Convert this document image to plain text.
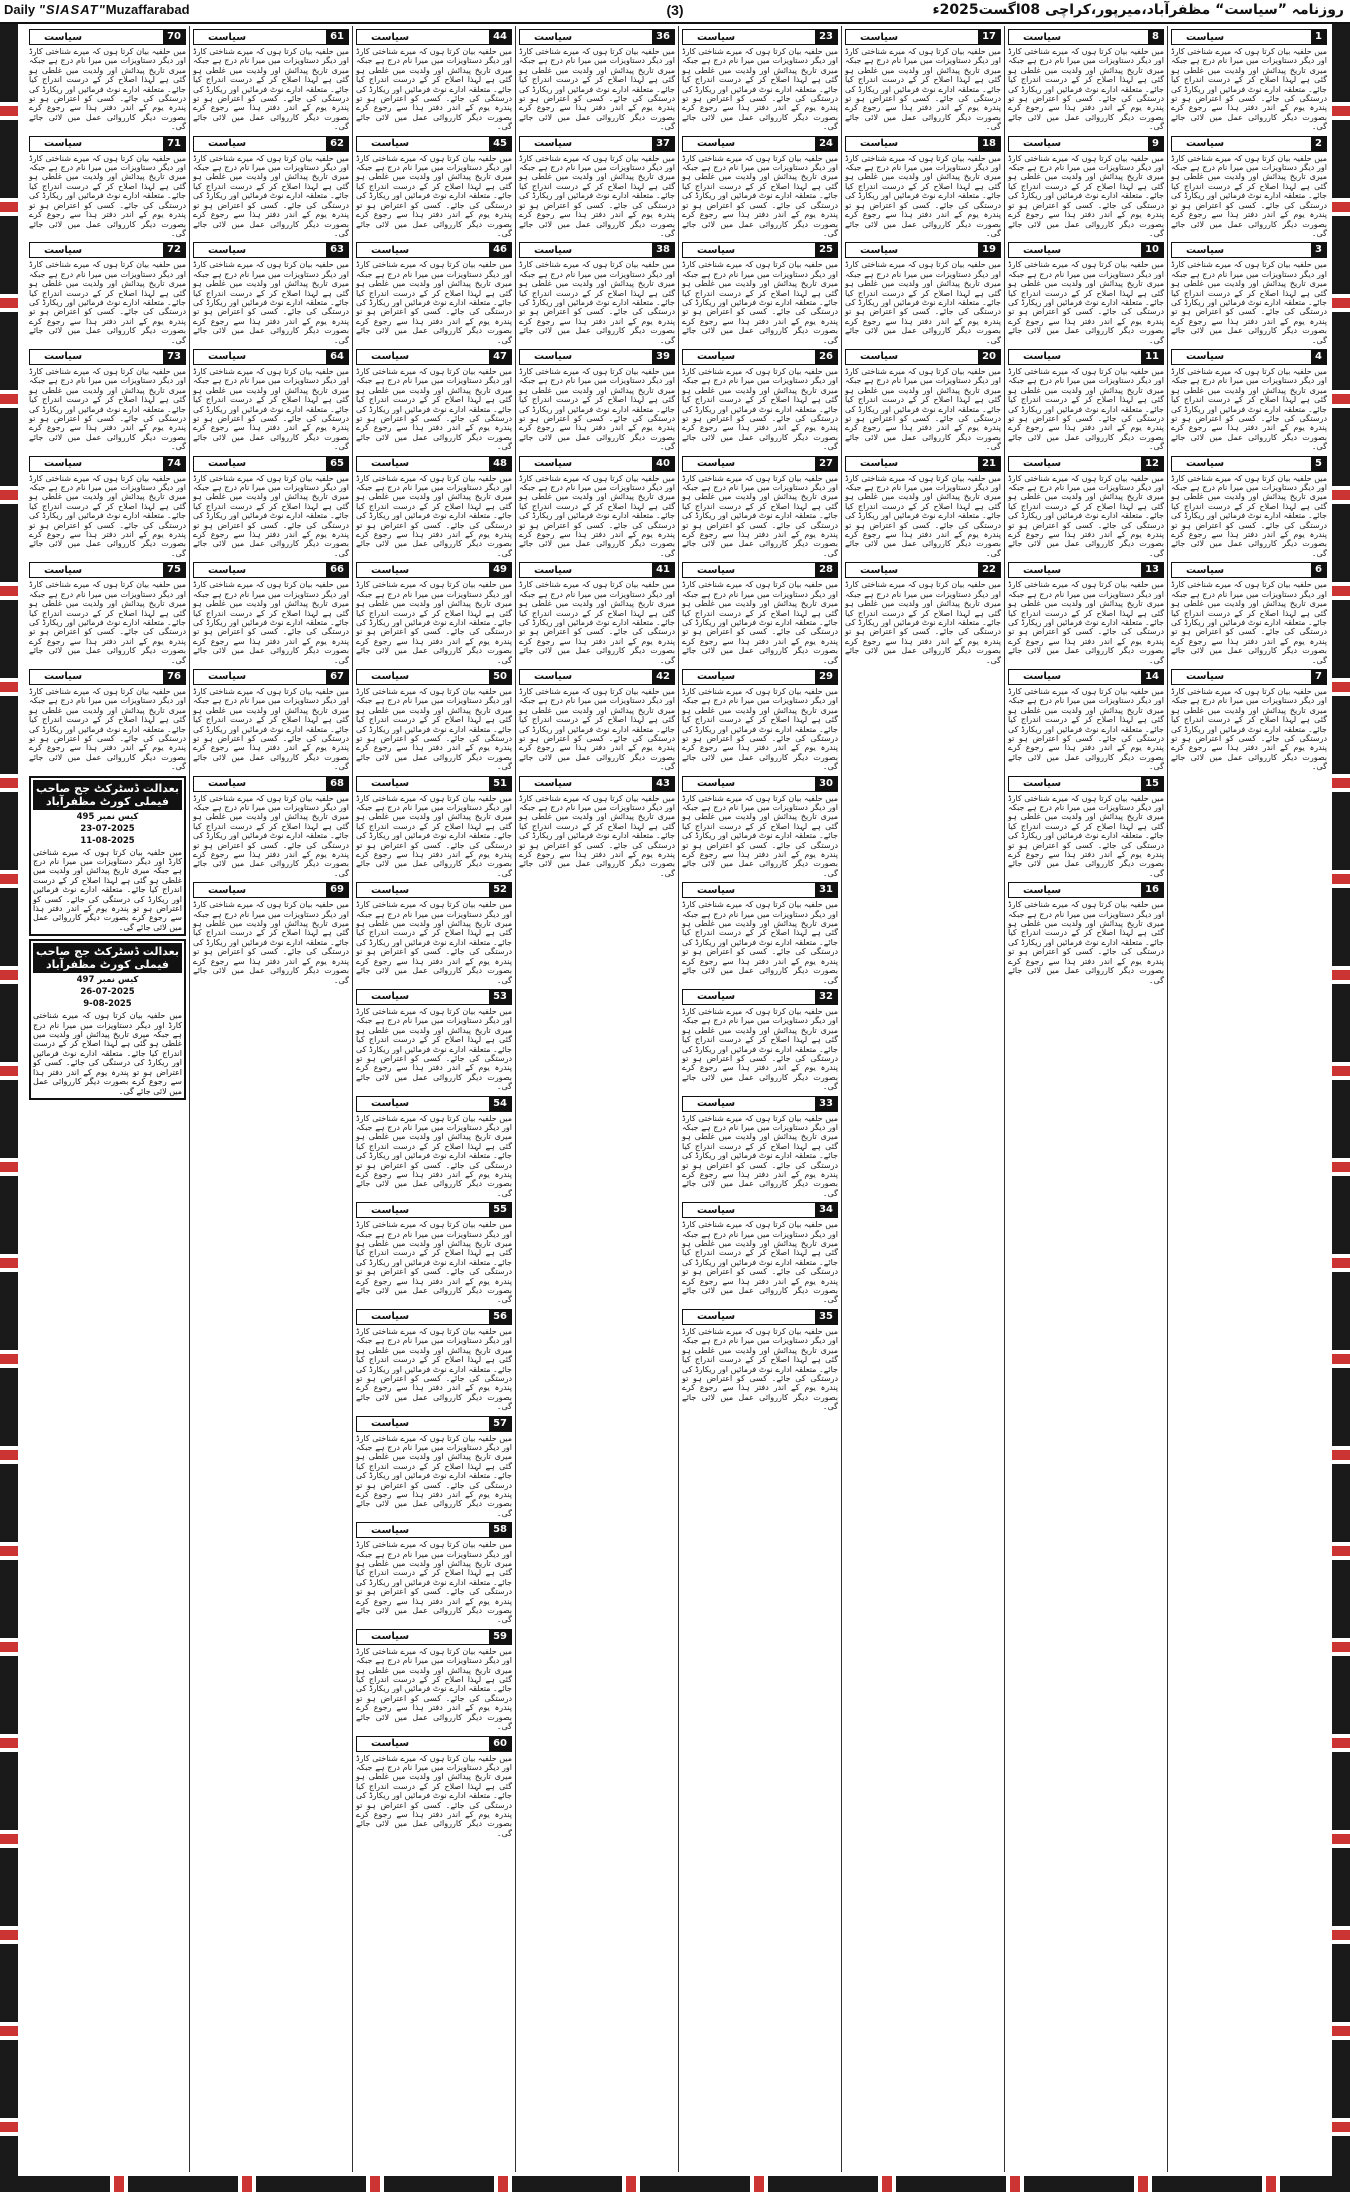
Daily "SIASAT"Muzaffarabad	(3)	روزنامہ ”سیاست“ مظفرآباد،میرپور،کراچی 08اگست2025ء
1
سیاست
میں حلفیہ بیان کرتا ہوں کہ میرے شناختی کارڈ اور دیگر دستاویزات میں میرا نام درج ہے جبکہ میری تاریخ پیدائش اور ولدیت میں غلطی ہو گئی ہے لہذا اصلاح کر کے درست اندراج کیا جائے۔ متعلقہ ادارے نوٹ فرمائیں اور ریکارڈ کی درستگی کی جائے۔ کسی کو اعتراض ہو تو پندرہ یوم کے اندر دفتر ہذا سے رجوع کرے بصورت دیگر کارروائی عمل میں لائی جائے گی۔
2
سیاست
میں حلفیہ بیان کرتا ہوں کہ میرے شناختی کارڈ اور دیگر دستاویزات میں میرا نام درج ہے جبکہ میری تاریخ پیدائش اور ولدیت میں غلطی ہو گئی ہے لہذا اصلاح کر کے درست اندراج کیا جائے۔ متعلقہ ادارے نوٹ فرمائیں اور ریکارڈ کی درستگی کی جائے۔ کسی کو اعتراض ہو تو پندرہ یوم کے اندر دفتر ہذا سے رجوع کرے بصورت دیگر کارروائی عمل میں لائی جائے گی۔
3
سیاست
میں حلفیہ بیان کرتا ہوں کہ میرے شناختی کارڈ اور دیگر دستاویزات میں میرا نام درج ہے جبکہ میری تاریخ پیدائش اور ولدیت میں غلطی ہو گئی ہے لہذا اصلاح کر کے درست اندراج کیا جائے۔ متعلقہ ادارے نوٹ فرمائیں اور ریکارڈ کی درستگی کی جائے۔ کسی کو اعتراض ہو تو پندرہ یوم کے اندر دفتر ہذا سے رجوع کرے بصورت دیگر کارروائی عمل میں لائی جائے گی۔
4
سیاست
میں حلفیہ بیان کرتا ہوں کہ میرے شناختی کارڈ اور دیگر دستاویزات میں میرا نام درج ہے جبکہ میری تاریخ پیدائش اور ولدیت میں غلطی ہو گئی ہے لہذا اصلاح کر کے درست اندراج کیا جائے۔ متعلقہ ادارے نوٹ فرمائیں اور ریکارڈ کی درستگی کی جائے۔ کسی کو اعتراض ہو تو پندرہ یوم کے اندر دفتر ہذا سے رجوع کرے بصورت دیگر کارروائی عمل میں لائی جائے گی۔
5
سیاست
میں حلفیہ بیان کرتا ہوں کہ میرے شناختی کارڈ اور دیگر دستاویزات میں میرا نام درج ہے جبکہ میری تاریخ پیدائش اور ولدیت میں غلطی ہو گئی ہے لہذا اصلاح کر کے درست اندراج کیا جائے۔ متعلقہ ادارے نوٹ فرمائیں اور ریکارڈ کی درستگی کی جائے۔ کسی کو اعتراض ہو تو پندرہ یوم کے اندر دفتر ہذا سے رجوع کرے بصورت دیگر کارروائی عمل میں لائی جائے گی۔
6
سیاست
میں حلفیہ بیان کرتا ہوں کہ میرے شناختی کارڈ اور دیگر دستاویزات میں میرا نام درج ہے جبکہ میری تاریخ پیدائش اور ولدیت میں غلطی ہو گئی ہے لہذا اصلاح کر کے درست اندراج کیا جائے۔ متعلقہ ادارے نوٹ فرمائیں اور ریکارڈ کی درستگی کی جائے۔ کسی کو اعتراض ہو تو پندرہ یوم کے اندر دفتر ہذا سے رجوع کرے بصورت دیگر کارروائی عمل میں لائی جائے گی۔
7
سیاست
میں حلفیہ بیان کرتا ہوں کہ میرے شناختی کارڈ اور دیگر دستاویزات میں میرا نام درج ہے جبکہ میری تاریخ پیدائش اور ولدیت میں غلطی ہو گئی ہے لہذا اصلاح کر کے درست اندراج کیا جائے۔ متعلقہ ادارے نوٹ فرمائیں اور ریکارڈ کی درستگی کی جائے۔ کسی کو اعتراض ہو تو پندرہ یوم کے اندر دفتر ہذا سے رجوع کرے بصورت دیگر کارروائی عمل میں لائی جائے گی۔
8
سیاست
میں حلفیہ بیان کرتا ہوں کہ میرے شناختی کارڈ اور دیگر دستاویزات میں میرا نام درج ہے جبکہ میری تاریخ پیدائش اور ولدیت میں غلطی ہو گئی ہے لہذا اصلاح کر کے درست اندراج کیا جائے۔ متعلقہ ادارے نوٹ فرمائیں اور ریکارڈ کی درستگی کی جائے۔ کسی کو اعتراض ہو تو پندرہ یوم کے اندر دفتر ہذا سے رجوع کرے بصورت دیگر کارروائی عمل میں لائی جائے گی۔
9
سیاست
میں حلفیہ بیان کرتا ہوں کہ میرے شناختی کارڈ اور دیگر دستاویزات میں میرا نام درج ہے جبکہ میری تاریخ پیدائش اور ولدیت میں غلطی ہو گئی ہے لہذا اصلاح کر کے درست اندراج کیا جائے۔ متعلقہ ادارے نوٹ فرمائیں اور ریکارڈ کی درستگی کی جائے۔ کسی کو اعتراض ہو تو پندرہ یوم کے اندر دفتر ہذا سے رجوع کرے بصورت دیگر کارروائی عمل میں لائی جائے گی۔
10
سیاست
میں حلفیہ بیان کرتا ہوں کہ میرے شناختی کارڈ اور دیگر دستاویزات میں میرا نام درج ہے جبکہ میری تاریخ پیدائش اور ولدیت میں غلطی ہو گئی ہے لہذا اصلاح کر کے درست اندراج کیا جائے۔ متعلقہ ادارے نوٹ فرمائیں اور ریکارڈ کی درستگی کی جائے۔ کسی کو اعتراض ہو تو پندرہ یوم کے اندر دفتر ہذا سے رجوع کرے بصورت دیگر کارروائی عمل میں لائی جائے گی۔
11
سیاست
میں حلفیہ بیان کرتا ہوں کہ میرے شناختی کارڈ اور دیگر دستاویزات میں میرا نام درج ہے جبکہ میری تاریخ پیدائش اور ولدیت میں غلطی ہو گئی ہے لہذا اصلاح کر کے درست اندراج کیا جائے۔ متعلقہ ادارے نوٹ فرمائیں اور ریکارڈ کی درستگی کی جائے۔ کسی کو اعتراض ہو تو پندرہ یوم کے اندر دفتر ہذا سے رجوع کرے بصورت دیگر کارروائی عمل میں لائی جائے گی۔
12
سیاست
میں حلفیہ بیان کرتا ہوں کہ میرے شناختی کارڈ اور دیگر دستاویزات میں میرا نام درج ہے جبکہ میری تاریخ پیدائش اور ولدیت میں غلطی ہو گئی ہے لہذا اصلاح کر کے درست اندراج کیا جائے۔ متعلقہ ادارے نوٹ فرمائیں اور ریکارڈ کی درستگی کی جائے۔ کسی کو اعتراض ہو تو پندرہ یوم کے اندر دفتر ہذا سے رجوع کرے بصورت دیگر کارروائی عمل میں لائی جائے گی۔
13
سیاست
میں حلفیہ بیان کرتا ہوں کہ میرے شناختی کارڈ اور دیگر دستاویزات میں میرا نام درج ہے جبکہ میری تاریخ پیدائش اور ولدیت میں غلطی ہو گئی ہے لہذا اصلاح کر کے درست اندراج کیا جائے۔ متعلقہ ادارے نوٹ فرمائیں اور ریکارڈ کی درستگی کی جائے۔ کسی کو اعتراض ہو تو پندرہ یوم کے اندر دفتر ہذا سے رجوع کرے بصورت دیگر کارروائی عمل میں لائی جائے گی۔
14
سیاست
میں حلفیہ بیان کرتا ہوں کہ میرے شناختی کارڈ اور دیگر دستاویزات میں میرا نام درج ہے جبکہ میری تاریخ پیدائش اور ولدیت میں غلطی ہو گئی ہے لہذا اصلاح کر کے درست اندراج کیا جائے۔ متعلقہ ادارے نوٹ فرمائیں اور ریکارڈ کی درستگی کی جائے۔ کسی کو اعتراض ہو تو پندرہ یوم کے اندر دفتر ہذا سے رجوع کرے بصورت دیگر کارروائی عمل میں لائی جائے گی۔
15
سیاست
میں حلفیہ بیان کرتا ہوں کہ میرے شناختی کارڈ اور دیگر دستاویزات میں میرا نام درج ہے جبکہ میری تاریخ پیدائش اور ولدیت میں غلطی ہو گئی ہے لہذا اصلاح کر کے درست اندراج کیا جائے۔ متعلقہ ادارے نوٹ فرمائیں اور ریکارڈ کی درستگی کی جائے۔ کسی کو اعتراض ہو تو پندرہ یوم کے اندر دفتر ہذا سے رجوع کرے بصورت دیگر کارروائی عمل میں لائی جائے گی۔
16
سیاست
میں حلفیہ بیان کرتا ہوں کہ میرے شناختی کارڈ اور دیگر دستاویزات میں میرا نام درج ہے جبکہ میری تاریخ پیدائش اور ولدیت میں غلطی ہو گئی ہے لہذا اصلاح کر کے درست اندراج کیا جائے۔ متعلقہ ادارے نوٹ فرمائیں اور ریکارڈ کی درستگی کی جائے۔ کسی کو اعتراض ہو تو پندرہ یوم کے اندر دفتر ہذا سے رجوع کرے بصورت دیگر کارروائی عمل میں لائی جائے گی۔
17
سیاست
میں حلفیہ بیان کرتا ہوں کہ میرے شناختی کارڈ اور دیگر دستاویزات میں میرا نام درج ہے جبکہ میری تاریخ پیدائش اور ولدیت میں غلطی ہو گئی ہے لہذا اصلاح کر کے درست اندراج کیا جائے۔ متعلقہ ادارے نوٹ فرمائیں اور ریکارڈ کی درستگی کی جائے۔ کسی کو اعتراض ہو تو پندرہ یوم کے اندر دفتر ہذا سے رجوع کرے بصورت دیگر کارروائی عمل میں لائی جائے گی۔
18
سیاست
میں حلفیہ بیان کرتا ہوں کہ میرے شناختی کارڈ اور دیگر دستاویزات میں میرا نام درج ہے جبکہ میری تاریخ پیدائش اور ولدیت میں غلطی ہو گئی ہے لہذا اصلاح کر کے درست اندراج کیا جائے۔ متعلقہ ادارے نوٹ فرمائیں اور ریکارڈ کی درستگی کی جائے۔ کسی کو اعتراض ہو تو پندرہ یوم کے اندر دفتر ہذا سے رجوع کرے بصورت دیگر کارروائی عمل میں لائی جائے گی۔
19
سیاست
میں حلفیہ بیان کرتا ہوں کہ میرے شناختی کارڈ اور دیگر دستاویزات میں میرا نام درج ہے جبکہ میری تاریخ پیدائش اور ولدیت میں غلطی ہو گئی ہے لہذا اصلاح کر کے درست اندراج کیا جائے۔ متعلقہ ادارے نوٹ فرمائیں اور ریکارڈ کی درستگی کی جائے۔ کسی کو اعتراض ہو تو پندرہ یوم کے اندر دفتر ہذا سے رجوع کرے بصورت دیگر کارروائی عمل میں لائی جائے گی۔
20
سیاست
میں حلفیہ بیان کرتا ہوں کہ میرے شناختی کارڈ اور دیگر دستاویزات میں میرا نام درج ہے جبکہ میری تاریخ پیدائش اور ولدیت میں غلطی ہو گئی ہے لہذا اصلاح کر کے درست اندراج کیا جائے۔ متعلقہ ادارے نوٹ فرمائیں اور ریکارڈ کی درستگی کی جائے۔ کسی کو اعتراض ہو تو پندرہ یوم کے اندر دفتر ہذا سے رجوع کرے بصورت دیگر کارروائی عمل میں لائی جائے گی۔
21
سیاست
میں حلفیہ بیان کرتا ہوں کہ میرے شناختی کارڈ اور دیگر دستاویزات میں میرا نام درج ہے جبکہ میری تاریخ پیدائش اور ولدیت میں غلطی ہو گئی ہے لہذا اصلاح کر کے درست اندراج کیا جائے۔ متعلقہ ادارے نوٹ فرمائیں اور ریکارڈ کی درستگی کی جائے۔ کسی کو اعتراض ہو تو پندرہ یوم کے اندر دفتر ہذا سے رجوع کرے بصورت دیگر کارروائی عمل میں لائی جائے گی۔
22
سیاست
میں حلفیہ بیان کرتا ہوں کہ میرے شناختی کارڈ اور دیگر دستاویزات میں میرا نام درج ہے جبکہ میری تاریخ پیدائش اور ولدیت میں غلطی ہو گئی ہے لہذا اصلاح کر کے درست اندراج کیا جائے۔ متعلقہ ادارے نوٹ فرمائیں اور ریکارڈ کی درستگی کی جائے۔ کسی کو اعتراض ہو تو پندرہ یوم کے اندر دفتر ہذا سے رجوع کرے بصورت دیگر کارروائی عمل میں لائی جائے گی۔
23
سیاست
میں حلفیہ بیان کرتا ہوں کہ میرے شناختی کارڈ اور دیگر دستاویزات میں میرا نام درج ہے جبکہ میری تاریخ پیدائش اور ولدیت میں غلطی ہو گئی ہے لہذا اصلاح کر کے درست اندراج کیا جائے۔ متعلقہ ادارے نوٹ فرمائیں اور ریکارڈ کی درستگی کی جائے۔ کسی کو اعتراض ہو تو پندرہ یوم کے اندر دفتر ہذا سے رجوع کرے بصورت دیگر کارروائی عمل میں لائی جائے گی۔
24
سیاست
میں حلفیہ بیان کرتا ہوں کہ میرے شناختی کارڈ اور دیگر دستاویزات میں میرا نام درج ہے جبکہ میری تاریخ پیدائش اور ولدیت میں غلطی ہو گئی ہے لہذا اصلاح کر کے درست اندراج کیا جائے۔ متعلقہ ادارے نوٹ فرمائیں اور ریکارڈ کی درستگی کی جائے۔ کسی کو اعتراض ہو تو پندرہ یوم کے اندر دفتر ہذا سے رجوع کرے بصورت دیگر کارروائی عمل میں لائی جائے گی۔
25
سیاست
میں حلفیہ بیان کرتا ہوں کہ میرے شناختی کارڈ اور دیگر دستاویزات میں میرا نام درج ہے جبکہ میری تاریخ پیدائش اور ولدیت میں غلطی ہو گئی ہے لہذا اصلاح کر کے درست اندراج کیا جائے۔ متعلقہ ادارے نوٹ فرمائیں اور ریکارڈ کی درستگی کی جائے۔ کسی کو اعتراض ہو تو پندرہ یوم کے اندر دفتر ہذا سے رجوع کرے بصورت دیگر کارروائی عمل میں لائی جائے گی۔
26
سیاست
میں حلفیہ بیان کرتا ہوں کہ میرے شناختی کارڈ اور دیگر دستاویزات میں میرا نام درج ہے جبکہ میری تاریخ پیدائش اور ولدیت میں غلطی ہو گئی ہے لہذا اصلاح کر کے درست اندراج کیا جائے۔ متعلقہ ادارے نوٹ فرمائیں اور ریکارڈ کی درستگی کی جائے۔ کسی کو اعتراض ہو تو پندرہ یوم کے اندر دفتر ہذا سے رجوع کرے بصورت دیگر کارروائی عمل میں لائی جائے گی۔
27
سیاست
میں حلفیہ بیان کرتا ہوں کہ میرے شناختی کارڈ اور دیگر دستاویزات میں میرا نام درج ہے جبکہ میری تاریخ پیدائش اور ولدیت میں غلطی ہو گئی ہے لہذا اصلاح کر کے درست اندراج کیا جائے۔ متعلقہ ادارے نوٹ فرمائیں اور ریکارڈ کی درستگی کی جائے۔ کسی کو اعتراض ہو تو پندرہ یوم کے اندر دفتر ہذا سے رجوع کرے بصورت دیگر کارروائی عمل میں لائی جائے گی۔
28
سیاست
میں حلفیہ بیان کرتا ہوں کہ میرے شناختی کارڈ اور دیگر دستاویزات میں میرا نام درج ہے جبکہ میری تاریخ پیدائش اور ولدیت میں غلطی ہو گئی ہے لہذا اصلاح کر کے درست اندراج کیا جائے۔ متعلقہ ادارے نوٹ فرمائیں اور ریکارڈ کی درستگی کی جائے۔ کسی کو اعتراض ہو تو پندرہ یوم کے اندر دفتر ہذا سے رجوع کرے بصورت دیگر کارروائی عمل میں لائی جائے گی۔
29
سیاست
میں حلفیہ بیان کرتا ہوں کہ میرے شناختی کارڈ اور دیگر دستاویزات میں میرا نام درج ہے جبکہ میری تاریخ پیدائش اور ولدیت میں غلطی ہو گئی ہے لہذا اصلاح کر کے درست اندراج کیا جائے۔ متعلقہ ادارے نوٹ فرمائیں اور ریکارڈ کی درستگی کی جائے۔ کسی کو اعتراض ہو تو پندرہ یوم کے اندر دفتر ہذا سے رجوع کرے بصورت دیگر کارروائی عمل میں لائی جائے گی۔
30
سیاست
میں حلفیہ بیان کرتا ہوں کہ میرے شناختی کارڈ اور دیگر دستاویزات میں میرا نام درج ہے جبکہ میری تاریخ پیدائش اور ولدیت میں غلطی ہو گئی ہے لہذا اصلاح کر کے درست اندراج کیا جائے۔ متعلقہ ادارے نوٹ فرمائیں اور ریکارڈ کی درستگی کی جائے۔ کسی کو اعتراض ہو تو پندرہ یوم کے اندر دفتر ہذا سے رجوع کرے بصورت دیگر کارروائی عمل میں لائی جائے گی۔
31
سیاست
میں حلفیہ بیان کرتا ہوں کہ میرے شناختی کارڈ اور دیگر دستاویزات میں میرا نام درج ہے جبکہ میری تاریخ پیدائش اور ولدیت میں غلطی ہو گئی ہے لہذا اصلاح کر کے درست اندراج کیا جائے۔ متعلقہ ادارے نوٹ فرمائیں اور ریکارڈ کی درستگی کی جائے۔ کسی کو اعتراض ہو تو پندرہ یوم کے اندر دفتر ہذا سے رجوع کرے بصورت دیگر کارروائی عمل میں لائی جائے گی۔
32
سیاست
میں حلفیہ بیان کرتا ہوں کہ میرے شناختی کارڈ اور دیگر دستاویزات میں میرا نام درج ہے جبکہ میری تاریخ پیدائش اور ولدیت میں غلطی ہو گئی ہے لہذا اصلاح کر کے درست اندراج کیا جائے۔ متعلقہ ادارے نوٹ فرمائیں اور ریکارڈ کی درستگی کی جائے۔ کسی کو اعتراض ہو تو پندرہ یوم کے اندر دفتر ہذا سے رجوع کرے بصورت دیگر کارروائی عمل میں لائی جائے گی۔
33
سیاست
میں حلفیہ بیان کرتا ہوں کہ میرے شناختی کارڈ اور دیگر دستاویزات میں میرا نام درج ہے جبکہ میری تاریخ پیدائش اور ولدیت میں غلطی ہو گئی ہے لہذا اصلاح کر کے درست اندراج کیا جائے۔ متعلقہ ادارے نوٹ فرمائیں اور ریکارڈ کی درستگی کی جائے۔ کسی کو اعتراض ہو تو پندرہ یوم کے اندر دفتر ہذا سے رجوع کرے بصورت دیگر کارروائی عمل میں لائی جائے گی۔
34
سیاست
میں حلفیہ بیان کرتا ہوں کہ میرے شناختی کارڈ اور دیگر دستاویزات میں میرا نام درج ہے جبکہ میری تاریخ پیدائش اور ولدیت میں غلطی ہو گئی ہے لہذا اصلاح کر کے درست اندراج کیا جائے۔ متعلقہ ادارے نوٹ فرمائیں اور ریکارڈ کی درستگی کی جائے۔ کسی کو اعتراض ہو تو پندرہ یوم کے اندر دفتر ہذا سے رجوع کرے بصورت دیگر کارروائی عمل میں لائی جائے گی۔
35
سیاست
میں حلفیہ بیان کرتا ہوں کہ میرے شناختی کارڈ اور دیگر دستاویزات میں میرا نام درج ہے جبکہ میری تاریخ پیدائش اور ولدیت میں غلطی ہو گئی ہے لہذا اصلاح کر کے درست اندراج کیا جائے۔ متعلقہ ادارے نوٹ فرمائیں اور ریکارڈ کی درستگی کی جائے۔ کسی کو اعتراض ہو تو پندرہ یوم کے اندر دفتر ہذا سے رجوع کرے بصورت دیگر کارروائی عمل میں لائی جائے گی۔
36
سیاست
میں حلفیہ بیان کرتا ہوں کہ میرے شناختی کارڈ اور دیگر دستاویزات میں میرا نام درج ہے جبکہ میری تاریخ پیدائش اور ولدیت میں غلطی ہو گئی ہے لہذا اصلاح کر کے درست اندراج کیا جائے۔ متعلقہ ادارے نوٹ فرمائیں اور ریکارڈ کی درستگی کی جائے۔ کسی کو اعتراض ہو تو پندرہ یوم کے اندر دفتر ہذا سے رجوع کرے بصورت دیگر کارروائی عمل میں لائی جائے گی۔
37
سیاست
میں حلفیہ بیان کرتا ہوں کہ میرے شناختی کارڈ اور دیگر دستاویزات میں میرا نام درج ہے جبکہ میری تاریخ پیدائش اور ولدیت میں غلطی ہو گئی ہے لہذا اصلاح کر کے درست اندراج کیا جائے۔ متعلقہ ادارے نوٹ فرمائیں اور ریکارڈ کی درستگی کی جائے۔ کسی کو اعتراض ہو تو پندرہ یوم کے اندر دفتر ہذا سے رجوع کرے بصورت دیگر کارروائی عمل میں لائی جائے گی۔
38
سیاست
میں حلفیہ بیان کرتا ہوں کہ میرے شناختی کارڈ اور دیگر دستاویزات میں میرا نام درج ہے جبکہ میری تاریخ پیدائش اور ولدیت میں غلطی ہو گئی ہے لہذا اصلاح کر کے درست اندراج کیا جائے۔ متعلقہ ادارے نوٹ فرمائیں اور ریکارڈ کی درستگی کی جائے۔ کسی کو اعتراض ہو تو پندرہ یوم کے اندر دفتر ہذا سے رجوع کرے بصورت دیگر کارروائی عمل میں لائی جائے گی۔
39
سیاست
میں حلفیہ بیان کرتا ہوں کہ میرے شناختی کارڈ اور دیگر دستاویزات میں میرا نام درج ہے جبکہ میری تاریخ پیدائش اور ولدیت میں غلطی ہو گئی ہے لہذا اصلاح کر کے درست اندراج کیا جائے۔ متعلقہ ادارے نوٹ فرمائیں اور ریکارڈ کی درستگی کی جائے۔ کسی کو اعتراض ہو تو پندرہ یوم کے اندر دفتر ہذا سے رجوع کرے بصورت دیگر کارروائی عمل میں لائی جائے گی۔
40
سیاست
میں حلفیہ بیان کرتا ہوں کہ میرے شناختی کارڈ اور دیگر دستاویزات میں میرا نام درج ہے جبکہ میری تاریخ پیدائش اور ولدیت میں غلطی ہو گئی ہے لہذا اصلاح کر کے درست اندراج کیا جائے۔ متعلقہ ادارے نوٹ فرمائیں اور ریکارڈ کی درستگی کی جائے۔ کسی کو اعتراض ہو تو پندرہ یوم کے اندر دفتر ہذا سے رجوع کرے بصورت دیگر کارروائی عمل میں لائی جائے گی۔
41
سیاست
میں حلفیہ بیان کرتا ہوں کہ میرے شناختی کارڈ اور دیگر دستاویزات میں میرا نام درج ہے جبکہ میری تاریخ پیدائش اور ولدیت میں غلطی ہو گئی ہے لہذا اصلاح کر کے درست اندراج کیا جائے۔ متعلقہ ادارے نوٹ فرمائیں اور ریکارڈ کی درستگی کی جائے۔ کسی کو اعتراض ہو تو پندرہ یوم کے اندر دفتر ہذا سے رجوع کرے بصورت دیگر کارروائی عمل میں لائی جائے گی۔
42
سیاست
میں حلفیہ بیان کرتا ہوں کہ میرے شناختی کارڈ اور دیگر دستاویزات میں میرا نام درج ہے جبکہ میری تاریخ پیدائش اور ولدیت میں غلطی ہو گئی ہے لہذا اصلاح کر کے درست اندراج کیا جائے۔ متعلقہ ادارے نوٹ فرمائیں اور ریکارڈ کی درستگی کی جائے۔ کسی کو اعتراض ہو تو پندرہ یوم کے اندر دفتر ہذا سے رجوع کرے بصورت دیگر کارروائی عمل میں لائی جائے گی۔
43
سیاست
میں حلفیہ بیان کرتا ہوں کہ میرے شناختی کارڈ اور دیگر دستاویزات میں میرا نام درج ہے جبکہ میری تاریخ پیدائش اور ولدیت میں غلطی ہو گئی ہے لہذا اصلاح کر کے درست اندراج کیا جائے۔ متعلقہ ادارے نوٹ فرمائیں اور ریکارڈ کی درستگی کی جائے۔ کسی کو اعتراض ہو تو پندرہ یوم کے اندر دفتر ہذا سے رجوع کرے بصورت دیگر کارروائی عمل میں لائی جائے گی۔
44
سیاست
میں حلفیہ بیان کرتا ہوں کہ میرے شناختی کارڈ اور دیگر دستاویزات میں میرا نام درج ہے جبکہ میری تاریخ پیدائش اور ولدیت میں غلطی ہو گئی ہے لہذا اصلاح کر کے درست اندراج کیا جائے۔ متعلقہ ادارے نوٹ فرمائیں اور ریکارڈ کی درستگی کی جائے۔ کسی کو اعتراض ہو تو پندرہ یوم کے اندر دفتر ہذا سے رجوع کرے بصورت دیگر کارروائی عمل میں لائی جائے گی۔
45
سیاست
میں حلفیہ بیان کرتا ہوں کہ میرے شناختی کارڈ اور دیگر دستاویزات میں میرا نام درج ہے جبکہ میری تاریخ پیدائش اور ولدیت میں غلطی ہو گئی ہے لہذا اصلاح کر کے درست اندراج کیا جائے۔ متعلقہ ادارے نوٹ فرمائیں اور ریکارڈ کی درستگی کی جائے۔ کسی کو اعتراض ہو تو پندرہ یوم کے اندر دفتر ہذا سے رجوع کرے بصورت دیگر کارروائی عمل میں لائی جائے گی۔
46
سیاست
میں حلفیہ بیان کرتا ہوں کہ میرے شناختی کارڈ اور دیگر دستاویزات میں میرا نام درج ہے جبکہ میری تاریخ پیدائش اور ولدیت میں غلطی ہو گئی ہے لہذا اصلاح کر کے درست اندراج کیا جائے۔ متعلقہ ادارے نوٹ فرمائیں اور ریکارڈ کی درستگی کی جائے۔ کسی کو اعتراض ہو تو پندرہ یوم کے اندر دفتر ہذا سے رجوع کرے بصورت دیگر کارروائی عمل میں لائی جائے گی۔
47
سیاست
میں حلفیہ بیان کرتا ہوں کہ میرے شناختی کارڈ اور دیگر دستاویزات میں میرا نام درج ہے جبکہ میری تاریخ پیدائش اور ولدیت میں غلطی ہو گئی ہے لہذا اصلاح کر کے درست اندراج کیا جائے۔ متعلقہ ادارے نوٹ فرمائیں اور ریکارڈ کی درستگی کی جائے۔ کسی کو اعتراض ہو تو پندرہ یوم کے اندر دفتر ہذا سے رجوع کرے بصورت دیگر کارروائی عمل میں لائی جائے گی۔
48
سیاست
میں حلفیہ بیان کرتا ہوں کہ میرے شناختی کارڈ اور دیگر دستاویزات میں میرا نام درج ہے جبکہ میری تاریخ پیدائش اور ولدیت میں غلطی ہو گئی ہے لہذا اصلاح کر کے درست اندراج کیا جائے۔ متعلقہ ادارے نوٹ فرمائیں اور ریکارڈ کی درستگی کی جائے۔ کسی کو اعتراض ہو تو پندرہ یوم کے اندر دفتر ہذا سے رجوع کرے بصورت دیگر کارروائی عمل میں لائی جائے گی۔
49
سیاست
میں حلفیہ بیان کرتا ہوں کہ میرے شناختی کارڈ اور دیگر دستاویزات میں میرا نام درج ہے جبکہ میری تاریخ پیدائش اور ولدیت میں غلطی ہو گئی ہے لہذا اصلاح کر کے درست اندراج کیا جائے۔ متعلقہ ادارے نوٹ فرمائیں اور ریکارڈ کی درستگی کی جائے۔ کسی کو اعتراض ہو تو پندرہ یوم کے اندر دفتر ہذا سے رجوع کرے بصورت دیگر کارروائی عمل میں لائی جائے گی۔
50
سیاست
میں حلفیہ بیان کرتا ہوں کہ میرے شناختی کارڈ اور دیگر دستاویزات میں میرا نام درج ہے جبکہ میری تاریخ پیدائش اور ولدیت میں غلطی ہو گئی ہے لہذا اصلاح کر کے درست اندراج کیا جائے۔ متعلقہ ادارے نوٹ فرمائیں اور ریکارڈ کی درستگی کی جائے۔ کسی کو اعتراض ہو تو پندرہ یوم کے اندر دفتر ہذا سے رجوع کرے بصورت دیگر کارروائی عمل میں لائی جائے گی۔
51
سیاست
میں حلفیہ بیان کرتا ہوں کہ میرے شناختی کارڈ اور دیگر دستاویزات میں میرا نام درج ہے جبکہ میری تاریخ پیدائش اور ولدیت میں غلطی ہو گئی ہے لہذا اصلاح کر کے درست اندراج کیا جائے۔ متعلقہ ادارے نوٹ فرمائیں اور ریکارڈ کی درستگی کی جائے۔ کسی کو اعتراض ہو تو پندرہ یوم کے اندر دفتر ہذا سے رجوع کرے بصورت دیگر کارروائی عمل میں لائی جائے گی۔
52
سیاست
میں حلفیہ بیان کرتا ہوں کہ میرے شناختی کارڈ اور دیگر دستاویزات میں میرا نام درج ہے جبکہ میری تاریخ پیدائش اور ولدیت میں غلطی ہو گئی ہے لہذا اصلاح کر کے درست اندراج کیا جائے۔ متعلقہ ادارے نوٹ فرمائیں اور ریکارڈ کی درستگی کی جائے۔ کسی کو اعتراض ہو تو پندرہ یوم کے اندر دفتر ہذا سے رجوع کرے بصورت دیگر کارروائی عمل میں لائی جائے گی۔
53
سیاست
میں حلفیہ بیان کرتا ہوں کہ میرے شناختی کارڈ اور دیگر دستاویزات میں میرا نام درج ہے جبکہ میری تاریخ پیدائش اور ولدیت میں غلطی ہو گئی ہے لہذا اصلاح کر کے درست اندراج کیا جائے۔ متعلقہ ادارے نوٹ فرمائیں اور ریکارڈ کی درستگی کی جائے۔ کسی کو اعتراض ہو تو پندرہ یوم کے اندر دفتر ہذا سے رجوع کرے بصورت دیگر کارروائی عمل میں لائی جائے گی۔
54
سیاست
میں حلفیہ بیان کرتا ہوں کہ میرے شناختی کارڈ اور دیگر دستاویزات میں میرا نام درج ہے جبکہ میری تاریخ پیدائش اور ولدیت میں غلطی ہو گئی ہے لہذا اصلاح کر کے درست اندراج کیا جائے۔ متعلقہ ادارے نوٹ فرمائیں اور ریکارڈ کی درستگی کی جائے۔ کسی کو اعتراض ہو تو پندرہ یوم کے اندر دفتر ہذا سے رجوع کرے بصورت دیگر کارروائی عمل میں لائی جائے گی۔
55
سیاست
میں حلفیہ بیان کرتا ہوں کہ میرے شناختی کارڈ اور دیگر دستاویزات میں میرا نام درج ہے جبکہ میری تاریخ پیدائش اور ولدیت میں غلطی ہو گئی ہے لہذا اصلاح کر کے درست اندراج کیا جائے۔ متعلقہ ادارے نوٹ فرمائیں اور ریکارڈ کی درستگی کی جائے۔ کسی کو اعتراض ہو تو پندرہ یوم کے اندر دفتر ہذا سے رجوع کرے بصورت دیگر کارروائی عمل میں لائی جائے گی۔
56
سیاست
میں حلفیہ بیان کرتا ہوں کہ میرے شناختی کارڈ اور دیگر دستاویزات میں میرا نام درج ہے جبکہ میری تاریخ پیدائش اور ولدیت میں غلطی ہو گئی ہے لہذا اصلاح کر کے درست اندراج کیا جائے۔ متعلقہ ادارے نوٹ فرمائیں اور ریکارڈ کی درستگی کی جائے۔ کسی کو اعتراض ہو تو پندرہ یوم کے اندر دفتر ہذا سے رجوع کرے بصورت دیگر کارروائی عمل میں لائی جائے گی۔
57
سیاست
میں حلفیہ بیان کرتا ہوں کہ میرے شناختی کارڈ اور دیگر دستاویزات میں میرا نام درج ہے جبکہ میری تاریخ پیدائش اور ولدیت میں غلطی ہو گئی ہے لہذا اصلاح کر کے درست اندراج کیا جائے۔ متعلقہ ادارے نوٹ فرمائیں اور ریکارڈ کی درستگی کی جائے۔ کسی کو اعتراض ہو تو پندرہ یوم کے اندر دفتر ہذا سے رجوع کرے بصورت دیگر کارروائی عمل میں لائی جائے گی۔
58
سیاست
میں حلفیہ بیان کرتا ہوں کہ میرے شناختی کارڈ اور دیگر دستاویزات میں میرا نام درج ہے جبکہ میری تاریخ پیدائش اور ولدیت میں غلطی ہو گئی ہے لہذا اصلاح کر کے درست اندراج کیا جائے۔ متعلقہ ادارے نوٹ فرمائیں اور ریکارڈ کی درستگی کی جائے۔ کسی کو اعتراض ہو تو پندرہ یوم کے اندر دفتر ہذا سے رجوع کرے بصورت دیگر کارروائی عمل میں لائی جائے گی۔
59
سیاست
میں حلفیہ بیان کرتا ہوں کہ میرے شناختی کارڈ اور دیگر دستاویزات میں میرا نام درج ہے جبکہ میری تاریخ پیدائش اور ولدیت میں غلطی ہو گئی ہے لہذا اصلاح کر کے درست اندراج کیا جائے۔ متعلقہ ادارے نوٹ فرمائیں اور ریکارڈ کی درستگی کی جائے۔ کسی کو اعتراض ہو تو پندرہ یوم کے اندر دفتر ہذا سے رجوع کرے بصورت دیگر کارروائی عمل میں لائی جائے گی۔
60
سیاست
میں حلفیہ بیان کرتا ہوں کہ میرے شناختی کارڈ اور دیگر دستاویزات میں میرا نام درج ہے جبکہ میری تاریخ پیدائش اور ولدیت میں غلطی ہو گئی ہے لہذا اصلاح کر کے درست اندراج کیا جائے۔ متعلقہ ادارے نوٹ فرمائیں اور ریکارڈ کی درستگی کی جائے۔ کسی کو اعتراض ہو تو پندرہ یوم کے اندر دفتر ہذا سے رجوع کرے بصورت دیگر کارروائی عمل میں لائی جائے گی۔
61
سیاست
میں حلفیہ بیان کرتا ہوں کہ میرے شناختی کارڈ اور دیگر دستاویزات میں میرا نام درج ہے جبکہ میری تاریخ پیدائش اور ولدیت میں غلطی ہو گئی ہے لہذا اصلاح کر کے درست اندراج کیا جائے۔ متعلقہ ادارے نوٹ فرمائیں اور ریکارڈ کی درستگی کی جائے۔ کسی کو اعتراض ہو تو پندرہ یوم کے اندر دفتر ہذا سے رجوع کرے بصورت دیگر کارروائی عمل میں لائی جائے گی۔
62
سیاست
میں حلفیہ بیان کرتا ہوں کہ میرے شناختی کارڈ اور دیگر دستاویزات میں میرا نام درج ہے جبکہ میری تاریخ پیدائش اور ولدیت میں غلطی ہو گئی ہے لہذا اصلاح کر کے درست اندراج کیا جائے۔ متعلقہ ادارے نوٹ فرمائیں اور ریکارڈ کی درستگی کی جائے۔ کسی کو اعتراض ہو تو پندرہ یوم کے اندر دفتر ہذا سے رجوع کرے بصورت دیگر کارروائی عمل میں لائی جائے گی۔
63
سیاست
میں حلفیہ بیان کرتا ہوں کہ میرے شناختی کارڈ اور دیگر دستاویزات میں میرا نام درج ہے جبکہ میری تاریخ پیدائش اور ولدیت میں غلطی ہو گئی ہے لہذا اصلاح کر کے درست اندراج کیا جائے۔ متعلقہ ادارے نوٹ فرمائیں اور ریکارڈ کی درستگی کی جائے۔ کسی کو اعتراض ہو تو پندرہ یوم کے اندر دفتر ہذا سے رجوع کرے بصورت دیگر کارروائی عمل میں لائی جائے گی۔
64
سیاست
میں حلفیہ بیان کرتا ہوں کہ میرے شناختی کارڈ اور دیگر دستاویزات میں میرا نام درج ہے جبکہ میری تاریخ پیدائش اور ولدیت میں غلطی ہو گئی ہے لہذا اصلاح کر کے درست اندراج کیا جائے۔ متعلقہ ادارے نوٹ فرمائیں اور ریکارڈ کی درستگی کی جائے۔ کسی کو اعتراض ہو تو پندرہ یوم کے اندر دفتر ہذا سے رجوع کرے بصورت دیگر کارروائی عمل میں لائی جائے گی۔
65
سیاست
میں حلفیہ بیان کرتا ہوں کہ میرے شناختی کارڈ اور دیگر دستاویزات میں میرا نام درج ہے جبکہ میری تاریخ پیدائش اور ولدیت میں غلطی ہو گئی ہے لہذا اصلاح کر کے درست اندراج کیا جائے۔ متعلقہ ادارے نوٹ فرمائیں اور ریکارڈ کی درستگی کی جائے۔ کسی کو اعتراض ہو تو پندرہ یوم کے اندر دفتر ہذا سے رجوع کرے بصورت دیگر کارروائی عمل میں لائی جائے گی۔
66
سیاست
میں حلفیہ بیان کرتا ہوں کہ میرے شناختی کارڈ اور دیگر دستاویزات میں میرا نام درج ہے جبکہ میری تاریخ پیدائش اور ولدیت میں غلطی ہو گئی ہے لہذا اصلاح کر کے درست اندراج کیا جائے۔ متعلقہ ادارے نوٹ فرمائیں اور ریکارڈ کی درستگی کی جائے۔ کسی کو اعتراض ہو تو پندرہ یوم کے اندر دفتر ہذا سے رجوع کرے بصورت دیگر کارروائی عمل میں لائی جائے گی۔
67
سیاست
میں حلفیہ بیان کرتا ہوں کہ میرے شناختی کارڈ اور دیگر دستاویزات میں میرا نام درج ہے جبکہ میری تاریخ پیدائش اور ولدیت میں غلطی ہو گئی ہے لہذا اصلاح کر کے درست اندراج کیا جائے۔ متعلقہ ادارے نوٹ فرمائیں اور ریکارڈ کی درستگی کی جائے۔ کسی کو اعتراض ہو تو پندرہ یوم کے اندر دفتر ہذا سے رجوع کرے بصورت دیگر کارروائی عمل میں لائی جائے گی۔
68
سیاست
میں حلفیہ بیان کرتا ہوں کہ میرے شناختی کارڈ اور دیگر دستاویزات میں میرا نام درج ہے جبکہ میری تاریخ پیدائش اور ولدیت میں غلطی ہو گئی ہے لہذا اصلاح کر کے درست اندراج کیا جائے۔ متعلقہ ادارے نوٹ فرمائیں اور ریکارڈ کی درستگی کی جائے۔ کسی کو اعتراض ہو تو پندرہ یوم کے اندر دفتر ہذا سے رجوع کرے بصورت دیگر کارروائی عمل میں لائی جائے گی۔
69
سیاست
میں حلفیہ بیان کرتا ہوں کہ میرے شناختی کارڈ اور دیگر دستاویزات میں میرا نام درج ہے جبکہ میری تاریخ پیدائش اور ولدیت میں غلطی ہو گئی ہے لہذا اصلاح کر کے درست اندراج کیا جائے۔ متعلقہ ادارے نوٹ فرمائیں اور ریکارڈ کی درستگی کی جائے۔ کسی کو اعتراض ہو تو پندرہ یوم کے اندر دفتر ہذا سے رجوع کرے بصورت دیگر کارروائی عمل میں لائی جائے گی۔
70
سیاست
میں حلفیہ بیان کرتا ہوں کہ میرے شناختی کارڈ اور دیگر دستاویزات میں میرا نام درج ہے جبکہ میری تاریخ پیدائش اور ولدیت میں غلطی ہو گئی ہے لہذا اصلاح کر کے درست اندراج کیا جائے۔ متعلقہ ادارے نوٹ فرمائیں اور ریکارڈ کی درستگی کی جائے۔ کسی کو اعتراض ہو تو پندرہ یوم کے اندر دفتر ہذا سے رجوع کرے بصورت دیگر کارروائی عمل میں لائی جائے گی۔
71
سیاست
میں حلفیہ بیان کرتا ہوں کہ میرے شناختی کارڈ اور دیگر دستاویزات میں میرا نام درج ہے جبکہ میری تاریخ پیدائش اور ولدیت میں غلطی ہو گئی ہے لہذا اصلاح کر کے درست اندراج کیا جائے۔ متعلقہ ادارے نوٹ فرمائیں اور ریکارڈ کی درستگی کی جائے۔ کسی کو اعتراض ہو تو پندرہ یوم کے اندر دفتر ہذا سے رجوع کرے بصورت دیگر کارروائی عمل میں لائی جائے گی۔
72
سیاست
میں حلفیہ بیان کرتا ہوں کہ میرے شناختی کارڈ اور دیگر دستاویزات میں میرا نام درج ہے جبکہ میری تاریخ پیدائش اور ولدیت میں غلطی ہو گئی ہے لہذا اصلاح کر کے درست اندراج کیا جائے۔ متعلقہ ادارے نوٹ فرمائیں اور ریکارڈ کی درستگی کی جائے۔ کسی کو اعتراض ہو تو پندرہ یوم کے اندر دفتر ہذا سے رجوع کرے بصورت دیگر کارروائی عمل میں لائی جائے گی۔
73
سیاست
میں حلفیہ بیان کرتا ہوں کہ میرے شناختی کارڈ اور دیگر دستاویزات میں میرا نام درج ہے جبکہ میری تاریخ پیدائش اور ولدیت میں غلطی ہو گئی ہے لہذا اصلاح کر کے درست اندراج کیا جائے۔ متعلقہ ادارے نوٹ فرمائیں اور ریکارڈ کی درستگی کی جائے۔ کسی کو اعتراض ہو تو پندرہ یوم کے اندر دفتر ہذا سے رجوع کرے بصورت دیگر کارروائی عمل میں لائی جائے گی۔
74
سیاست
میں حلفیہ بیان کرتا ہوں کہ میرے شناختی کارڈ اور دیگر دستاویزات میں میرا نام درج ہے جبکہ میری تاریخ پیدائش اور ولدیت میں غلطی ہو گئی ہے لہذا اصلاح کر کے درست اندراج کیا جائے۔ متعلقہ ادارے نوٹ فرمائیں اور ریکارڈ کی درستگی کی جائے۔ کسی کو اعتراض ہو تو پندرہ یوم کے اندر دفتر ہذا سے رجوع کرے بصورت دیگر کارروائی عمل میں لائی جائے گی۔
75
سیاست
میں حلفیہ بیان کرتا ہوں کہ میرے شناختی کارڈ اور دیگر دستاویزات میں میرا نام درج ہے جبکہ میری تاریخ پیدائش اور ولدیت میں غلطی ہو گئی ہے لہذا اصلاح کر کے درست اندراج کیا جائے۔ متعلقہ ادارے نوٹ فرمائیں اور ریکارڈ کی درستگی کی جائے۔ کسی کو اعتراض ہو تو پندرہ یوم کے اندر دفتر ہذا سے رجوع کرے بصورت دیگر کارروائی عمل میں لائی جائے گی۔
76
سیاست
میں حلفیہ بیان کرتا ہوں کہ میرے شناختی کارڈ اور دیگر دستاویزات میں میرا نام درج ہے جبکہ میری تاریخ پیدائش اور ولدیت میں غلطی ہو گئی ہے لہذا اصلاح کر کے درست اندراج کیا جائے۔ متعلقہ ادارے نوٹ فرمائیں اور ریکارڈ کی درستگی کی جائے۔ کسی کو اعتراض ہو تو پندرہ یوم کے اندر دفتر ہذا سے رجوع کرے بصورت دیگر کارروائی عمل میں لائی جائے گی۔
بعدالت ڈسٹرکٹ جج صاحب فیملی کورٹ مظفرآباد
کیس نمبر 495
23-07-2025
11-08-2025
میں حلفیہ بیان کرتا ہوں کہ میرے شناختی کارڈ اور دیگر دستاویزات میں میرا نام درج ہے جبکہ میری تاریخ پیدائش اور ولدیت میں غلطی ہو گئی ہے لہذا اصلاح کر کے درست اندراج کیا جائے۔ متعلقہ ادارے نوٹ فرمائیں اور ریکارڈ کی درستگی کی جائے۔ کسی کو اعتراض ہو تو پندرہ یوم کے اندر دفتر ہذا سے رجوع کرے بصورت دیگر کارروائی عمل میں لائی جائے گی۔
بعدالت ڈسٹرکٹ جج صاحب فیملی کورٹ مظفرآباد
کیس نمبر 497
26-07-2025
9-08-2025
میں حلفیہ بیان کرتا ہوں کہ میرے شناختی کارڈ اور دیگر دستاویزات میں میرا نام درج ہے جبکہ میری تاریخ پیدائش اور ولدیت میں غلطی ہو گئی ہے لہذا اصلاح کر کے درست اندراج کیا جائے۔ متعلقہ ادارے نوٹ فرمائیں اور ریکارڈ کی درستگی کی جائے۔ کسی کو اعتراض ہو تو پندرہ یوم کے اندر دفتر ہذا سے رجوع کرے بصورت دیگر کارروائی عمل میں لائی جائے گی۔
